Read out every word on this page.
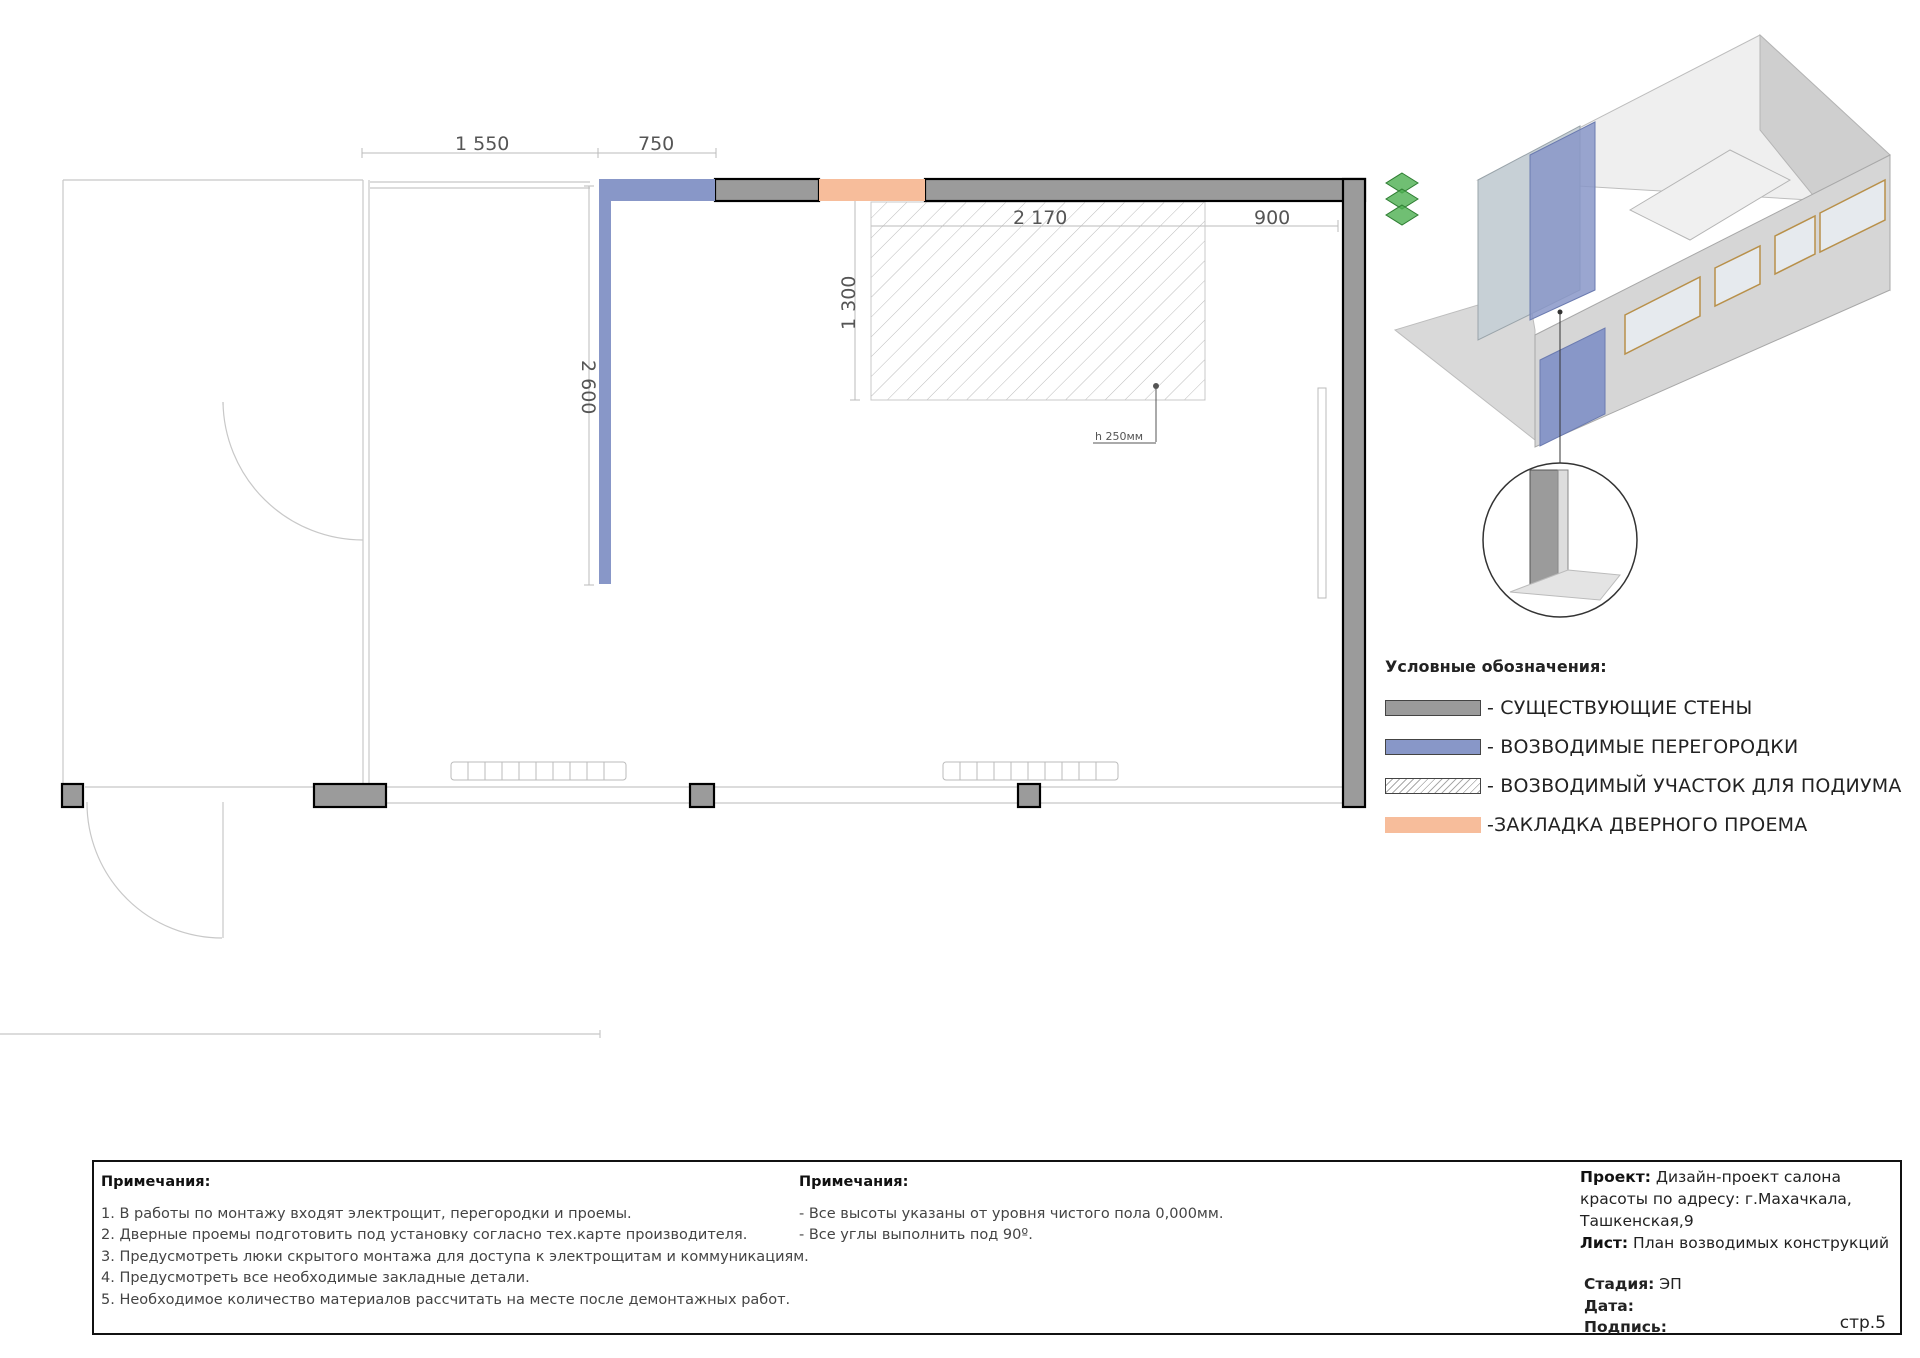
1 550	750
2 170	900
1 300
2 600
h 250мм
Условные обозначения:
- СУЩЕСТВУЮЩИЕ СТЕНЫ
- ВОЗВОДИМЫЕ ПЕРЕГОРОДКИ
- ВОЗВОДИМЫЙ УЧАСТОК ДЛЯ ПОДИУМА
-ЗАКЛАДКА ДВЕРНОГО ПРОЕМА
Примечания:
1. В работы по монтажу входят электрощит, перегородки и проемы.
2. Дверные проемы подготовить под установку согласно тех.карте производителя.
3. Предусмотреть люки скрытого монтажа для доступа к электрощитам и коммуникациям.
4. Предусмотреть все необходимые закладные детали.
5. Необходимое количество материалов рассчитать на месте после демонтажных работ.
Примечания:
- Все высоты указаны от уровня чистого пола 0,000мм.
- Все углы выполнить под 90º.
Проект: Дизайн-проект салона красоты по адресу: г.Махачкала, Ташкенская,9
Лист: План возводимых конструкций
Стадия: ЭП
Дата:
Подпись:	стр.5
